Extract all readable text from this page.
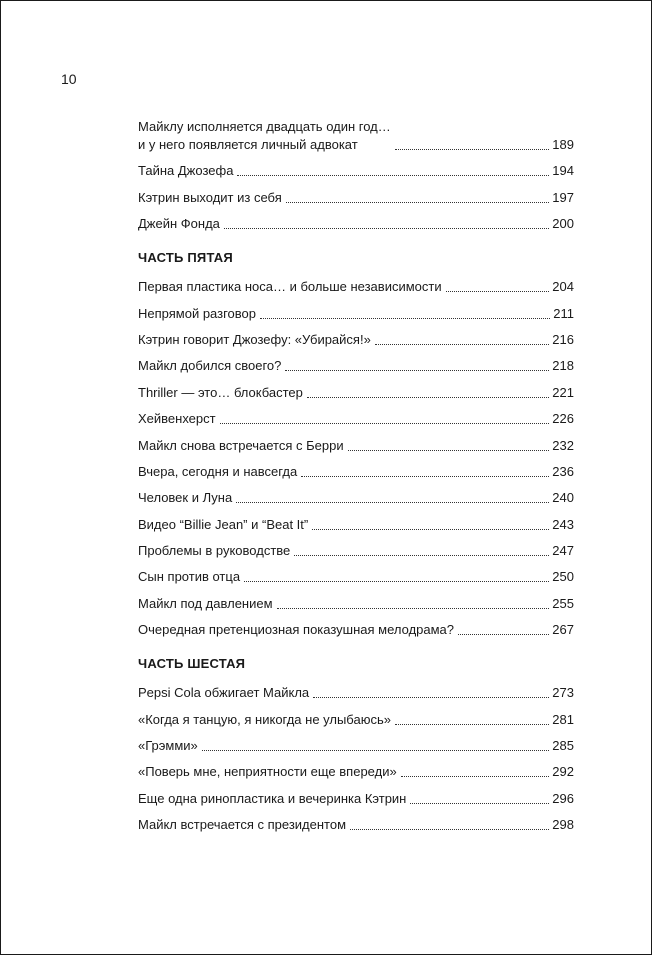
10
Майклу исполняется двадцать один год…
и у него появляется личный адвокат	189
Тайна Джозефа	194
Кэтрин выходит из себя	197
Джейн Фонда	200
ЧАСТЬ ПЯТАЯ
Первая пластика носа… и больше независимости	204
Непрямой разговор	211
Кэтрин говорит Джозефу: «Убирайся!»	216
Майкл добился своего?	218
Thriller — это… блокбастер	221
Хейвенхерст	226
Майкл снова встречается с Берри	232
Вчера, сегодня и навсегда	236
Человек и Луна	240
Видео “Billie Jean” и “Beat It”	243
Проблемы в руководстве	247
Сын против отца	250
Майкл под давлением	255
Очередная претенциозная показушная мелодрама?	267
ЧАСТЬ ШЕСТАЯ
Pepsi Cola обжигает Майкла	273
«Когда я танцую, я никогда не улыбаюсь»	281
«Грэмми»	285
«Поверь мне, неприятности еще впереди»	292
Еще одна ринопластика и вечеринка Кэтрин	296
Майкл встречается с президентом	298
